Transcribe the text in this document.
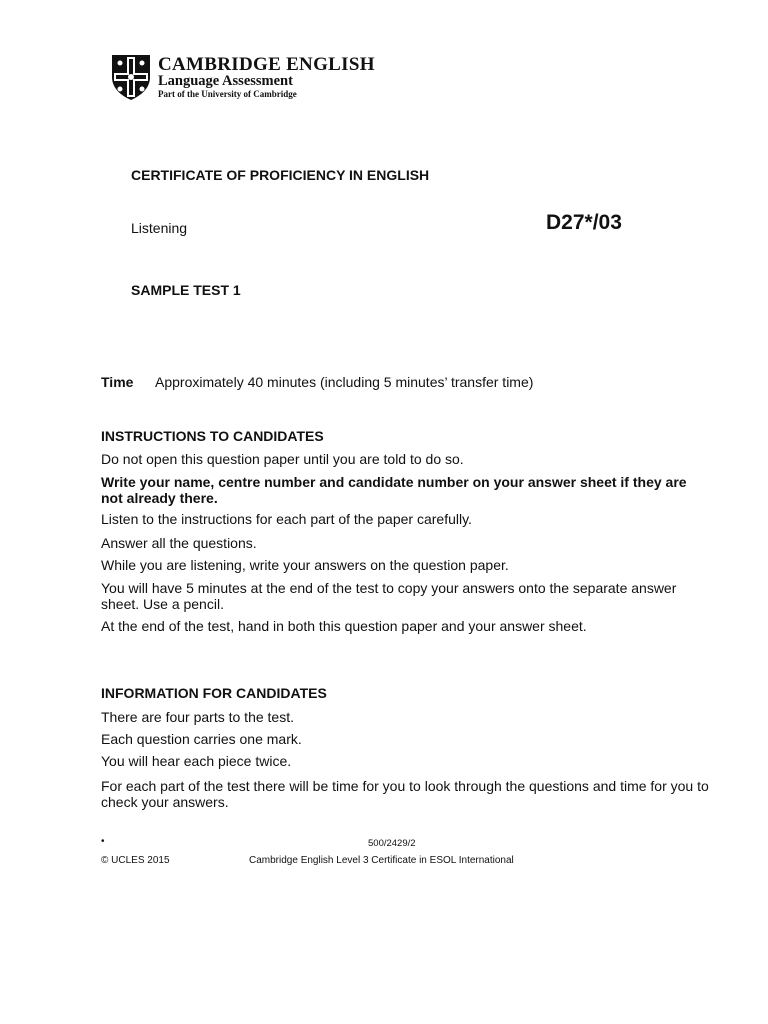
CAMBRIDGE ENGLISH
Language Assessment
Part of the University of Cambridge
CERTIFICATE OF PROFICIENCY IN ENGLISH
Listening	D27*/03
SAMPLE TEST 1
Time Approximately 40 minutes (including 5 minutes’ transfer time)
INSTRUCTIONS TO CANDIDATES
Do not open this question paper until you are told to do so.
Write your name, centre number and candidate number on your answer sheet if they are not already there.
Listen to the instructions for each part of the paper carefully.
Answer all the questions.
While you are listening, write your answers on the question paper.
You will have 5 minutes at the end of the test to copy your answers onto the separate answer sheet. Use a pencil.
At the end of the test, hand in both this question paper and your answer sheet.
INFORMATION FOR CANDIDATES
There are four parts to the test.
Each question carries one mark.
You will hear each piece twice.
For each part of the test there will be time for you to look through the questions and time for you to check your answers.
•	500/2429/2
© UCLES 2015	Cambridge English Level 3 Certificate in ESOL International
